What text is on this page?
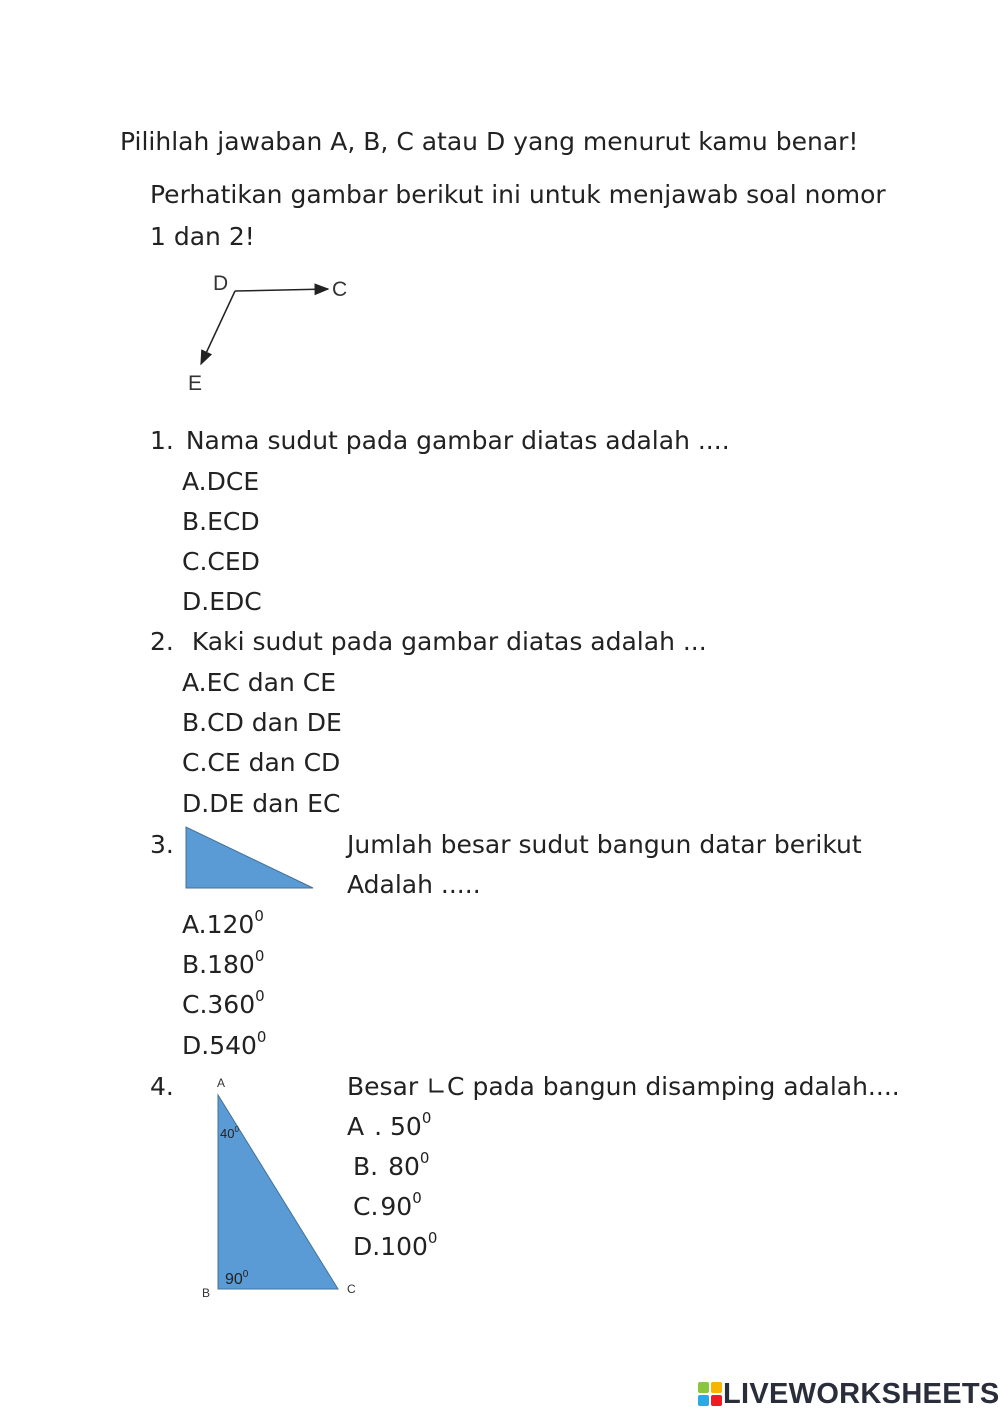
Pilihlah jawaban A, B, C atau D yang menurut kamu benar!
Perhatikan gambar berikut ini untuk menjawab soal nomor
1 dan 2!
D	C
E
1. Nama sudut pada gambar diatas adalah ....
A.DCE
B.ECD
C.CED
D.EDC
2. Kaki sudut pada gambar diatas adalah ...
A.EC dan CE
B.CD dan DE
C.CE dan CD
D.DE dan EC
3.	Jumlah besar sudut bangun datar berikut
Adalah .....
A.120$^0$
B.180$^0$
C.360$^0$
D.540$^0$
4.	A
B	C
$40^0$
$90^0$
Besar ∟C pada bangun disamping adalah....
A . $50^0$
B. $80^0$
$C.90^0$
D.100$^0$
LIVEWORKSHEETS
